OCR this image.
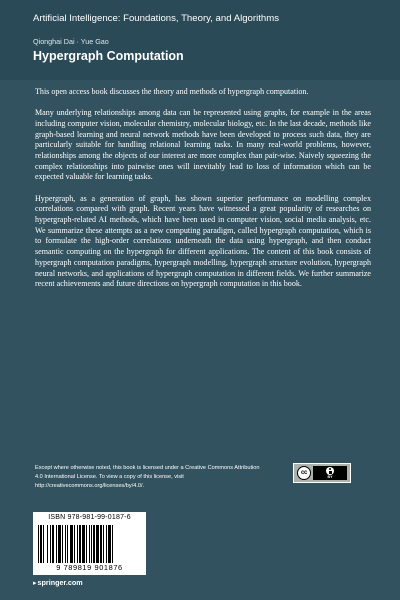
Artificial Intelligence: Foundations, Theory, and Algorithms
Qionghai Dai · Yue Gao
Hypergraph Computation

This open access book discusses the theory and methods of hypergraph computation.

Many underlying relationships among data can be represented using graphs, for example in the areas including computer vision, molecular chemistry, molecular biology, etc. In the last decade, methods like graph-based learning and neural network methods have been developed to process such data, they are particularly suitable for handling relational learning tasks. In many real-world problems, however, relationships among the objects of our interest are more complex than pair-wise. Naively squeezing the complex relationships into pairwise ones will inevitably lead to loss of information which can be expected valuable for learning tasks.

Hypergraph, as a generation of graph, has shown superior performance on modelling complex correlations compared with graph. Recent years have witnessed a great popularity of researches on hypergraph-related AI methods, which have been used in computer vision, social media analysis, etc. We summarize these attempts as a new computing paradigm, called hypergraph computation, which is to formulate the high-order correlations underneath the data using hypergraph, and then conduct semantic computing on the hypergraph for different applications. The content of this book consists of hypergraph computation paradigms, hypergraph modelling, hypergraph structure evolution, hypergraph neural networks, and applications of hypergraph computation in different fields. We further summarize recent achievements and future directions on hypergraph computation in this book.

Except where otherwise noted, this book is licensed under a Creative Commons Attribution 4.0 International License. To view a copy of this license, visit http://creativecommons.org/licenses/by/4.0/.
cc
BY
ISBN 978-981-99-0187-6
9 789819 901876
▸springer.com
